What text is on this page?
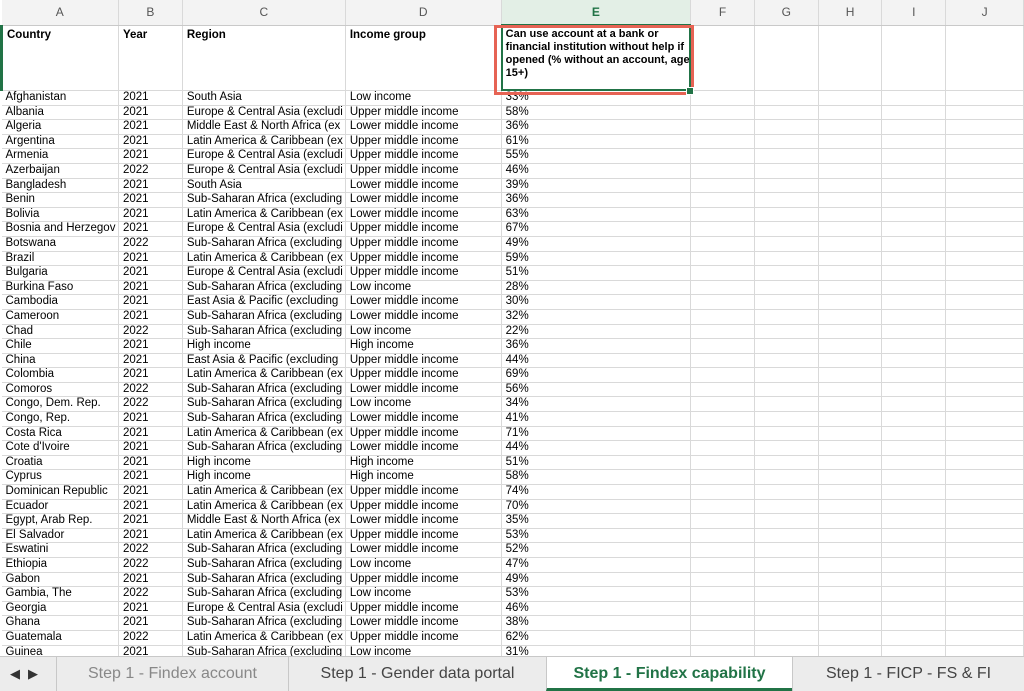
A	B	C	D	E	F	G	H	I	J
Country	Year	Region	Income group	Can use account at a bank or financial institution without help if opened (% without an account, age 15+)					
Afghanistan	2021	South Asia	Low income	33%					
Albania	2021	Europe & Central Asia (excludi	Upper middle income	58%					
Algeria	2021	Middle East & North Africa (ex	Lower middle income	36%					
Argentina	2021	Latin America & Caribbean (ex	Upper middle income	61%					
Armenia	2021	Europe & Central Asia (excludi	Upper middle income	55%					
Azerbaijan	2022	Europe & Central Asia (excludi	Upper middle income	46%					
Bangladesh	2021	South Asia	Lower middle income	39%					
Benin	2021	Sub-Saharan Africa (excluding	Lower middle income	36%					
Bolivia	2021	Latin America & Caribbean (ex	Lower middle income	63%					
Bosnia and Herzegov	2021	Europe & Central Asia (excludi	Upper middle income	67%					
Botswana	2022	Sub-Saharan Africa (excluding	Upper middle income	49%					
Brazil	2021	Latin America & Caribbean (ex	Upper middle income	59%					
Bulgaria	2021	Europe & Central Asia (excludi	Upper middle income	51%					
Burkina Faso	2021	Sub-Saharan Africa (excluding	Low income	28%					
Cambodia	2021	East Asia & Pacific (excluding	Lower middle income	30%					
Cameroon	2021	Sub-Saharan Africa (excluding	Lower middle income	32%					
Chad	2022	Sub-Saharan Africa (excluding	Low income	22%					
Chile	2021	High income	High income	36%					
China	2021	East Asia & Pacific (excluding	Upper middle income	44%					
Colombia	2021	Latin America & Caribbean (ex	Upper middle income	69%					
Comoros	2022	Sub-Saharan Africa (excluding	Lower middle income	56%					
Congo, Dem. Rep.	2022	Sub-Saharan Africa (excluding	Low income	34%					
Congo, Rep.	2021	Sub-Saharan Africa (excluding	Lower middle income	41%					
Costa Rica	2021	Latin America & Caribbean (ex	Upper middle income	71%					
Cote d'Ivoire	2021	Sub-Saharan Africa (excluding	Lower middle income	44%					
Croatia	2021	High income	High income	51%					
Cyprus	2021	High income	High income	58%					
Dominican Republic	2021	Latin America & Caribbean (ex	Upper middle income	74%					
Ecuador	2021	Latin America & Caribbean (ex	Upper middle income	70%					
Egypt, Arab Rep.	2021	Middle East & North Africa (ex	Lower middle income	35%					
El Salvador	2021	Latin America & Caribbean (ex	Upper middle income	53%					
Eswatini	2022	Sub-Saharan Africa (excluding	Lower middle income	52%					
Ethiopia	2022	Sub-Saharan Africa (excluding	Low income	47%					
Gabon	2021	Sub-Saharan Africa (excluding	Upper middle income	49%					
Gambia, The	2022	Sub-Saharan Africa (excluding	Low income	53%					
Georgia	2021	Europe & Central Asia (excludi	Upper middle income	46%					
Ghana	2021	Sub-Saharan Africa (excluding	Lower middle income	38%					
Guatemala	2022	Latin America & Caribbean (ex	Upper middle income	62%					
Guinea	2021	Sub-Saharan Africa (excluding	Low income	31%					
◀ ▶	Step 1 - Findex account	Step 1 - Gender data portal	Step 1 - Findex capability	Step 1 - FICP - FS & FI
